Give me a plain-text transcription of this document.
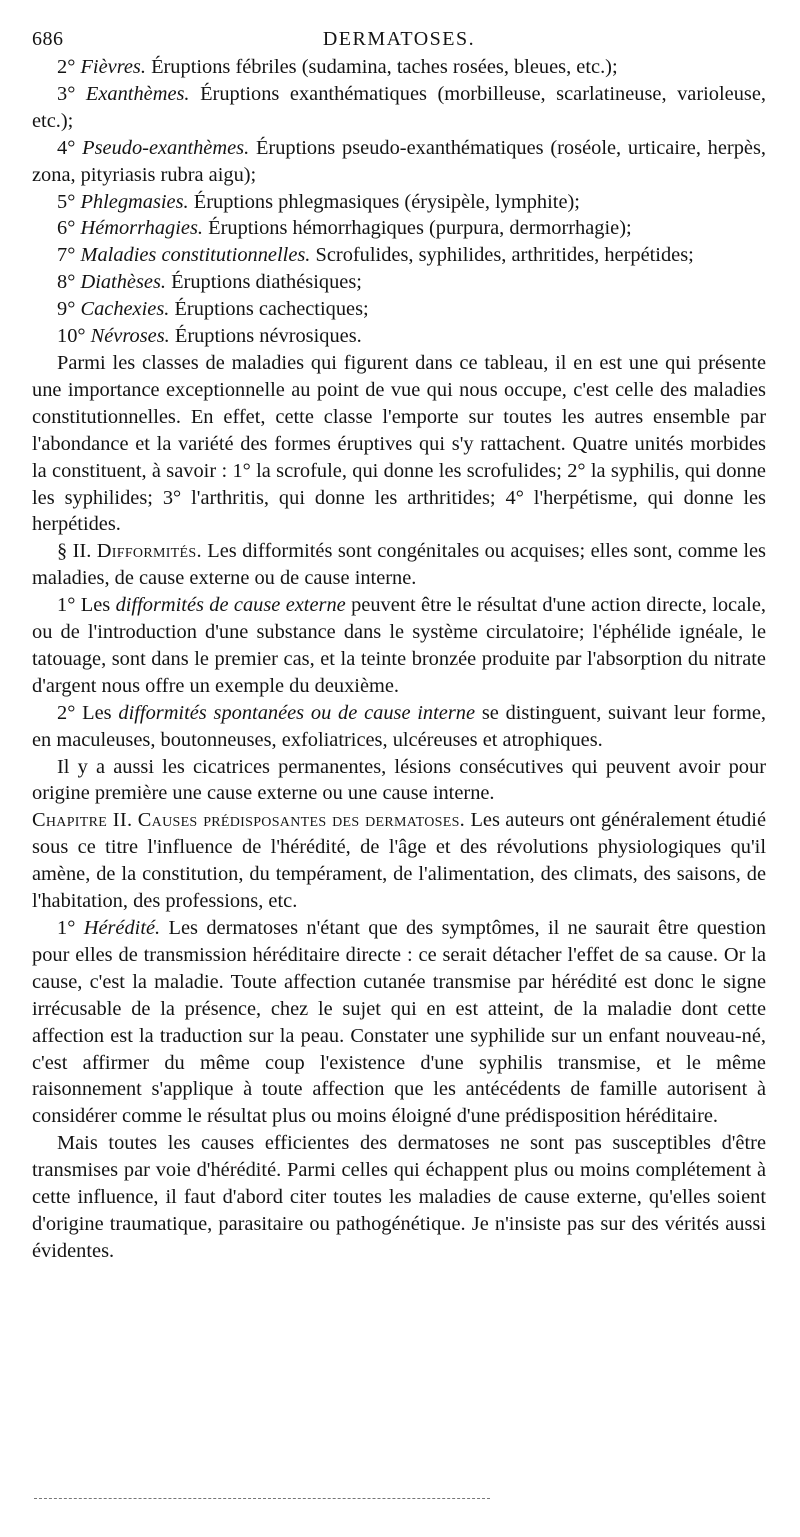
686	DERMATOSES.

2° Fièvres. Éruptions fébriles (sudamina, taches rosées, bleues, etc.);

3° Exanthèmes. Éruptions exanthématiques (morbilleuse, scarlatineuse, varioleuse, etc.);

4° Pseudo-exanthèmes. Éruptions pseudo-exanthématiques (roséole, urticaire, herpès, zona, pityriasis rubra aigu);

5° Phlegmasies. Éruptions phlegmasiques (érysipèle, lymphite);

6° Hémorrhagies. Éruptions hémorrhagiques (purpura, dermorrhagie);

7° Maladies constitutionnelles. Scrofulides, syphilides, arthritides, herpétides;

8° Diathèses. Éruptions diathésiques;

9° Cachexies. Éruptions cachectiques;

10° Névroses. Éruptions névrosiques.

Parmi les classes de maladies qui figurent dans ce tableau, il en est une qui présente une importance exceptionnelle au point de vue qui nous occupe, c'est celle des maladies constitutionnelles. En effet, cette classe l'emporte sur toutes les autres ensemble par l'abondance et la variété des formes éruptives qui s'y rattachent. Quatre unités morbides la constituent, à savoir : 1° la scrofule, qui donne les scrofulides; 2° la syphilis, qui donne les syphilides; 3° l'arthritis, qui donne les arthritides; 4° l'herpétisme, qui donne les herpétides.

§ II. Difformités. Les difformités sont congénitales ou acquises; elles sont, comme les maladies, de cause externe ou de cause interne.

1° Les difformités de cause externe peuvent être le résultat d'une action directe, locale, ou de l'introduction d'une substance dans le système circulatoire; l'éphélide ignéale, le tatouage, sont dans le premier cas, et la teinte bronzée produite par l'absorption du nitrate d'argent nous offre un exemple du deuxième.

2° Les difformités spontanées ou de cause interne se distinguent, suivant leur forme, en maculeuses, boutonneuses, exfoliatrices, ulcéreuses et atrophiques.

Il y a aussi les cicatrices permanentes, lésions consécutives qui peuvent avoir pour origine première une cause externe ou une cause interne.

Chapitre II. Causes prédisposantes des dermatoses. Les auteurs ont généralement étudié sous ce titre l'influence de l'hérédité, de l'âge et des révolutions physiologiques qu'il amène, de la constitution, du tempérament, de l'alimentation, des climats, des saisons, de l'habitation, des professions, etc.

1° Hérédité. Les dermatoses n'étant que des symptômes, il ne saurait être question pour elles de transmission héréditaire directe : ce serait détacher l'effet de sa cause. Or la cause, c'est la maladie. Toute affection cutanée transmise par hérédité est donc le signe irrécusable de la présence, chez le sujet qui en est atteint, de la maladie dont cette affection est la traduction sur la peau. Constater une syphilide sur un enfant nouveau-né, c'est affirmer du même coup l'existence d'une syphilis transmise, et le même raisonnement s'applique à toute affection que les antécédents de famille autorisent à considérer comme le résultat plus ou moins éloigné d'une prédisposition héréditaire.

Mais toutes les causes efficientes des dermatoses ne sont pas susceptibles d'être transmises par voie d'hérédité. Parmi celles qui échappent plus ou moins complétement à cette influence, il faut d'abord citer toutes les maladies de cause externe, qu'elles soient d'origine traumatique, parasitaire ou pathogénétique. Je n'insiste pas sur des vérités aussi évidentes.
